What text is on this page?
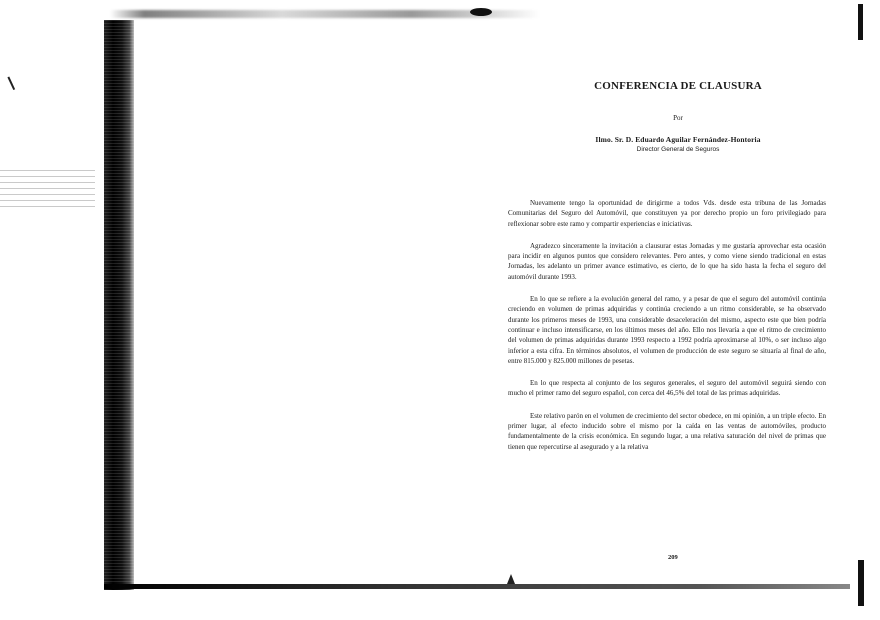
CONFERENCIA DE CLAUSURA
Por
Ilmo. Sr. D. Eduardo Aguilar Fernández-Hontoria
Director General de Seguros

Nuevamente tengo la oportunidad de dirigirme a todos Vds. desde esta tribuna de las Jornadas Comunitarias del Seguro del Automóvil, que constituyen ya por derecho propio un foro privilegiado para reflexionar sobre este ramo y compartir experiencias e iniciativas.

Agradezco sinceramente la invitación a clausurar estas Jornadas y me gustaría aprovechar esta ocasión para incidir en algunos puntos que considero relevantes. Pero antes, y como viene siendo tradicional en estas Jornadas, les adelanto un primer avance estimativo, es cierto, de lo que ha sido hasta la fecha el seguro del automóvil durante 1993.

En lo que se refiere a la evolución general del ramo, y a pesar de que el seguro del automóvil continúa creciendo en volumen de primas adquiridas y continúa creciendo a un ritmo considerable, se ha observado durante los primeros meses de 1993, una considerable desaceleración del mismo, aspecto este que bien podría continuar e incluso intensificarse, en los últimos meses del año. Ello nos llevaría a que el ritmo de crecimiento del volumen de primas adquiridas durante 1993 respecto a 1992 podría aproximarse al 10%, o ser incluso algo inferior a esta cifra. En términos absolutos, el volumen de producción de este seguro se situaría al final de año, entre 815.000 y 825.000 millones de pesetas.

En lo que respecta al conjunto de los seguros generales, el seguro del automóvil seguirá siendo con mucho el primer ramo del seguro español, con cerca del 46,5% del total de las primas adquiridas.

Este relativo parón en el volumen de crecimiento del sector obedece, en mi opinión, a un triple efecto. En primer lugar, al efecto inducido sobre el mismo por la caída en las ventas de automóviles, producto fundamentalmente de la crisis económica. En segundo lugar, a una relativa saturación del nivel de primas que tienen que repercutirse al asegurado y a la relativa

209
